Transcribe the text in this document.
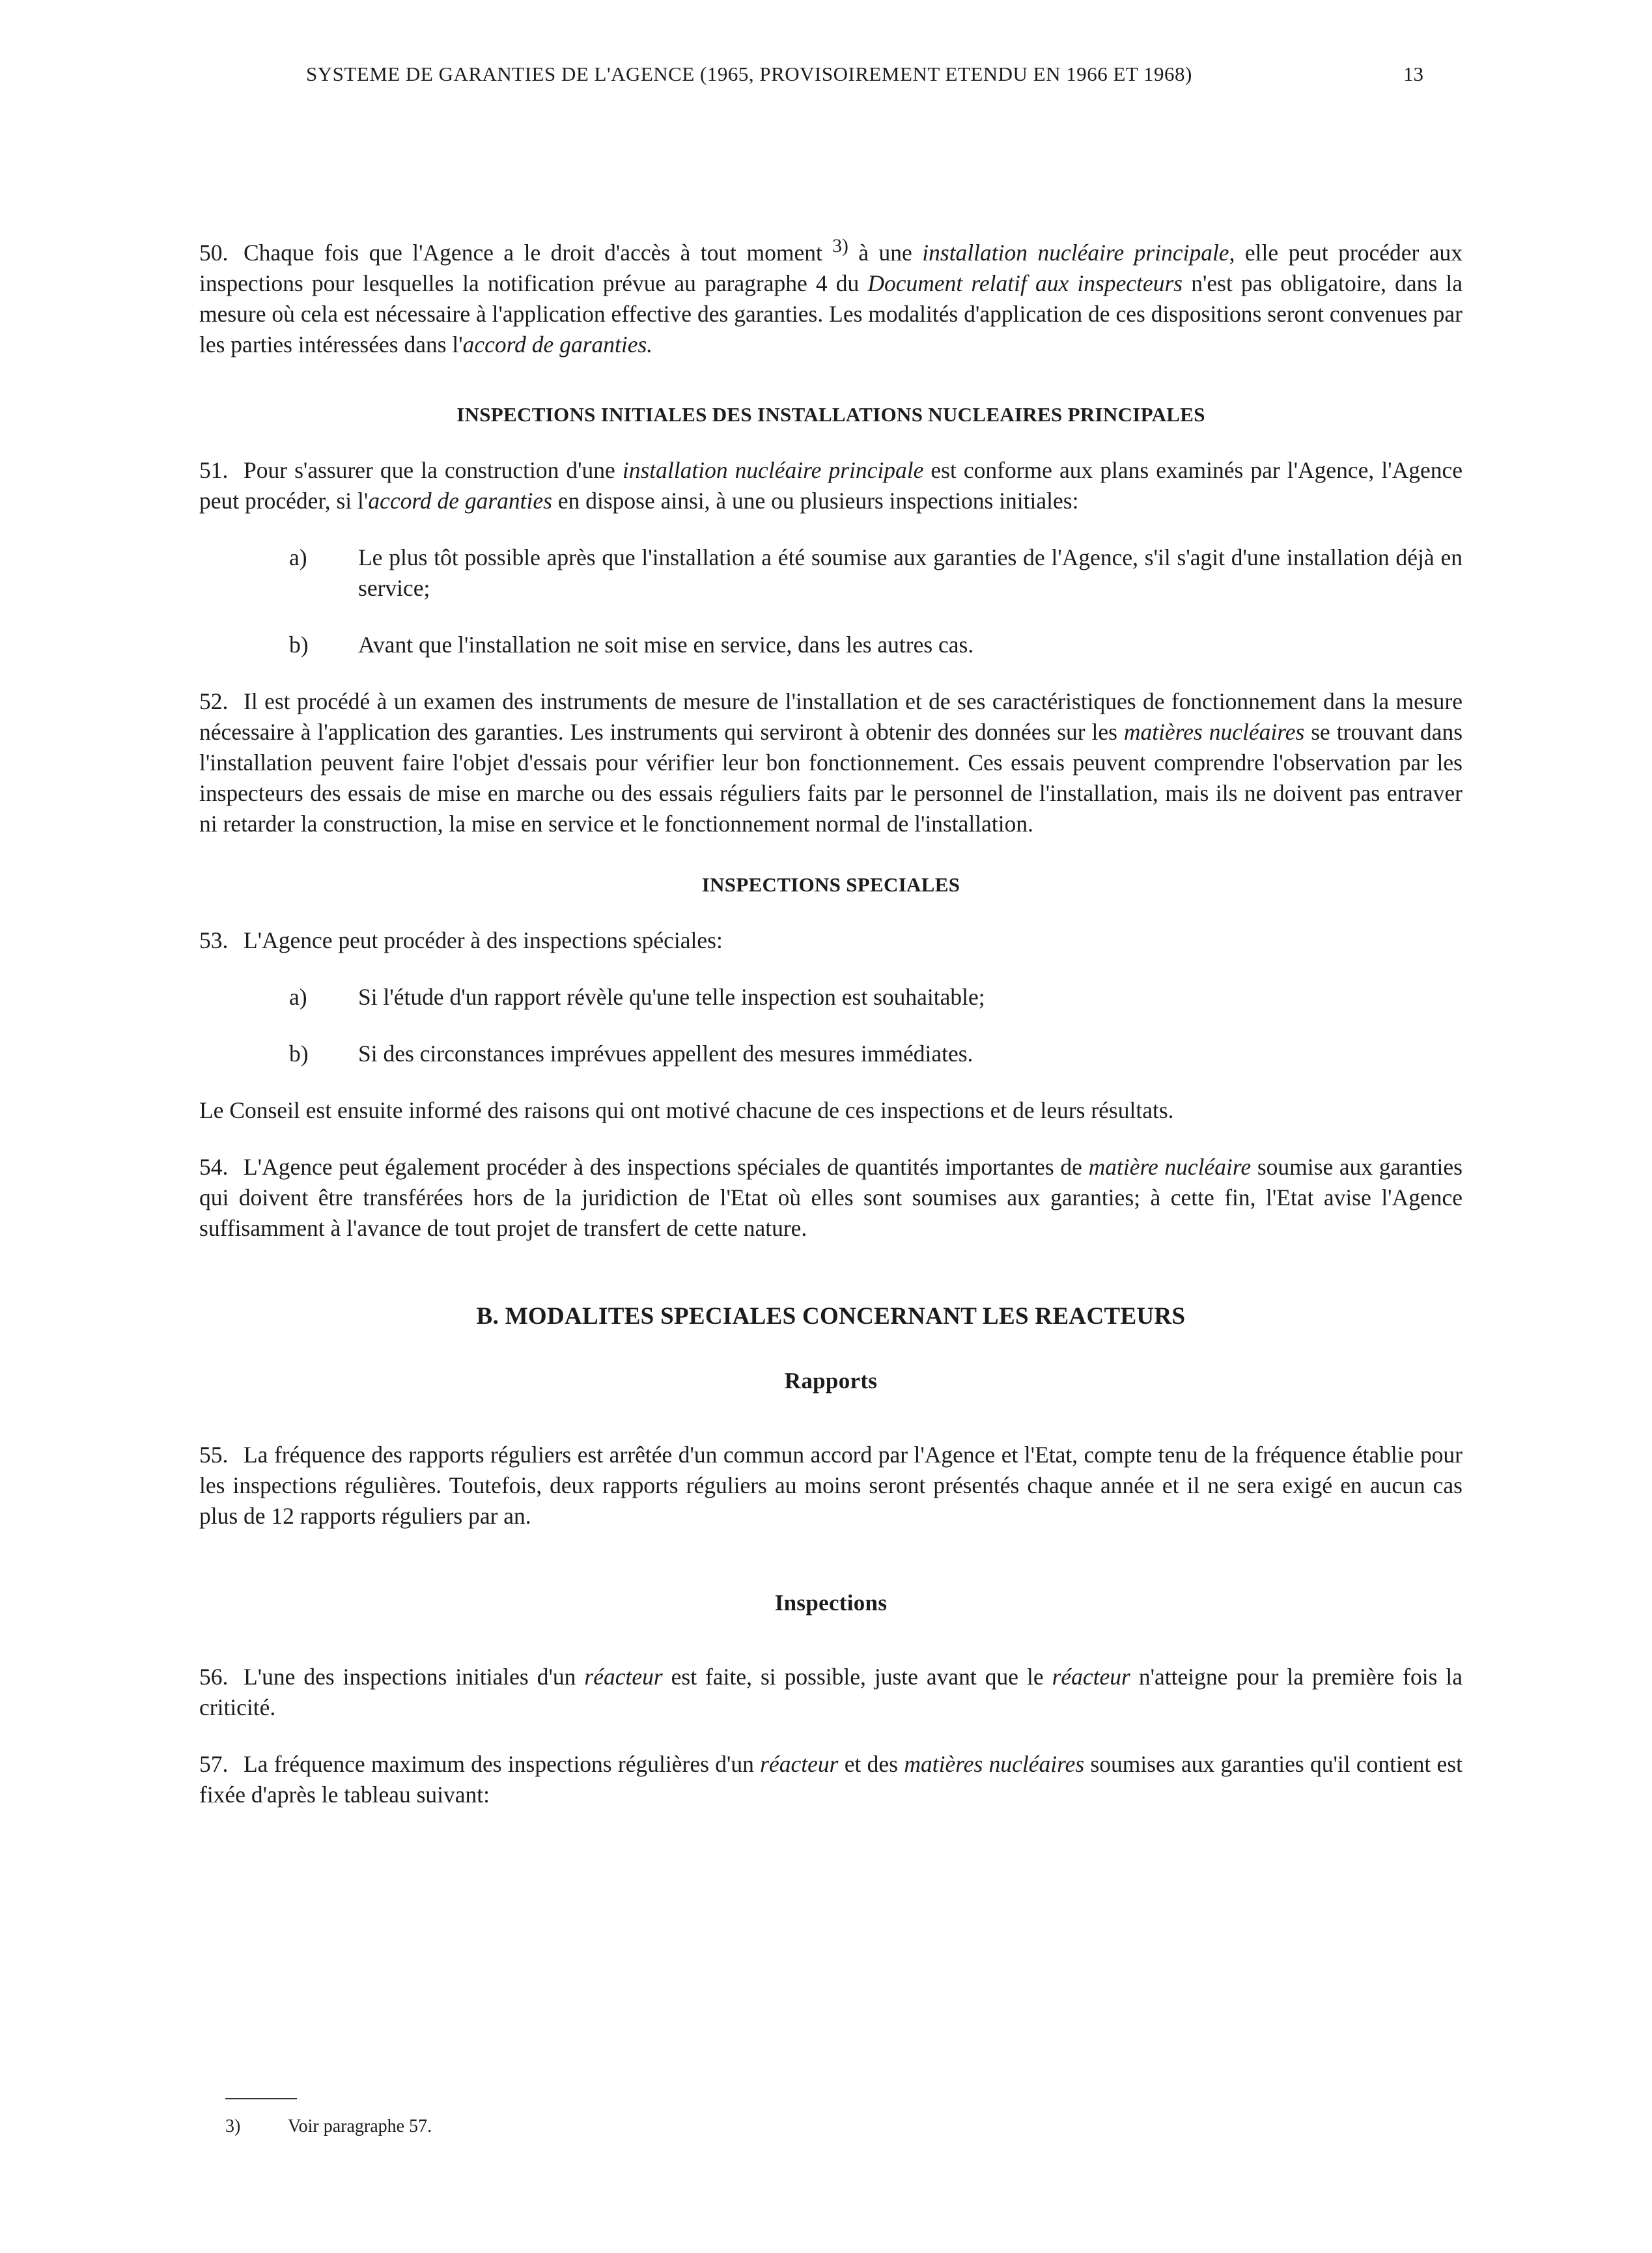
SYSTEME DE GARANTIES DE L'AGENCE (1965, PROVISOIREMENT ETENDU EN 1966 ET 1968)	13

50. Chaque fois que l'Agence a le droit d'accès à tout moment $^{3)}$ à une installation nucléaire principale, elle peut procéder aux inspections pour lesquelles la notification prévue au paragraphe 4 du Document relatif aux inspecteurs n'est pas obligatoire, dans la mesure où cela est nécessaire à l'application effective des garanties. Les modalités d'application de ces dispositions seront convenues par les parties intéressées dans l'accord de garanties.

INSPECTIONS INITIALES DES INSTALLATIONS NUCLEAIRES PRINCIPALES

51. Pour s'assurer que la construction d'une installation nucléaire principale est conforme aux plans examinés par l'Agence, l'Agence peut procéder, si l'accord de garanties en dispose ainsi, à une ou plusieurs inspections initiales:

a)	Le plus tôt possible après que l'installation a été soumise aux garanties de l'Agence, s'il s'agit d'une installation déjà en service;
b)	Avant que l'installation ne soit mise en service, dans les autres cas.

52. Il est procédé à un examen des instruments de mesure de l'installation et de ses caractéristiques de fonctionnement dans la mesure nécessaire à l'application des garanties. Les instruments qui serviront à obtenir des données sur les matières nucléaires se trouvant dans l'installation peuvent faire l'objet d'essais pour vérifier leur bon fonctionnement. Ces essais peuvent comprendre l'observation par les inspecteurs des essais de mise en marche ou des essais réguliers faits par le personnel de l'installation, mais ils ne doivent pas entraver ni retarder la construction, la mise en service et le fonctionnement normal de l'installation.

INSPECTIONS SPECIALES

53. L'Agence peut procéder à des inspections spéciales:

a)	Si l'étude d'un rapport révèle qu'une telle inspection est souhaitable;
b)	Si des circonstances imprévues appellent des mesures immédiates.

Le Conseil est ensuite informé des raisons qui ont motivé chacune de ces inspections et de leurs résultats.

54. L'Agence peut également procéder à des inspections spéciales de quantités importantes de matière nucléaire soumise aux garanties qui doivent être transférées hors de la juridiction de l'Etat où elles sont soumises aux garanties; à cette fin, l'Etat avise l'Agence suffisamment à l'avance de tout projet de transfert de cette nature.

B. MODALITES SPECIALES CONCERNANT LES REACTEURS
Rapports

55. La fréquence des rapports réguliers est arrêtée d'un commun accord par l'Agence et l'Etat, compte tenu de la fréquence établie pour les inspections régulières. Toutefois, deux rapports réguliers au moins seront présentés chaque année et il ne sera exigé en aucun cas plus de 12 rapports réguliers par an.

Inspections

56. L'une des inspections initiales d'un réacteur est faite, si possible, juste avant que le réacteur n'atteigne pour la première fois la criticité.

57. La fréquence maximum des inspections régulières d'un réacteur et des matières nucléaires soumises aux garanties qu'il contient est fixée d'après le tableau suivant:

3)	Voir paragraphe 57.
